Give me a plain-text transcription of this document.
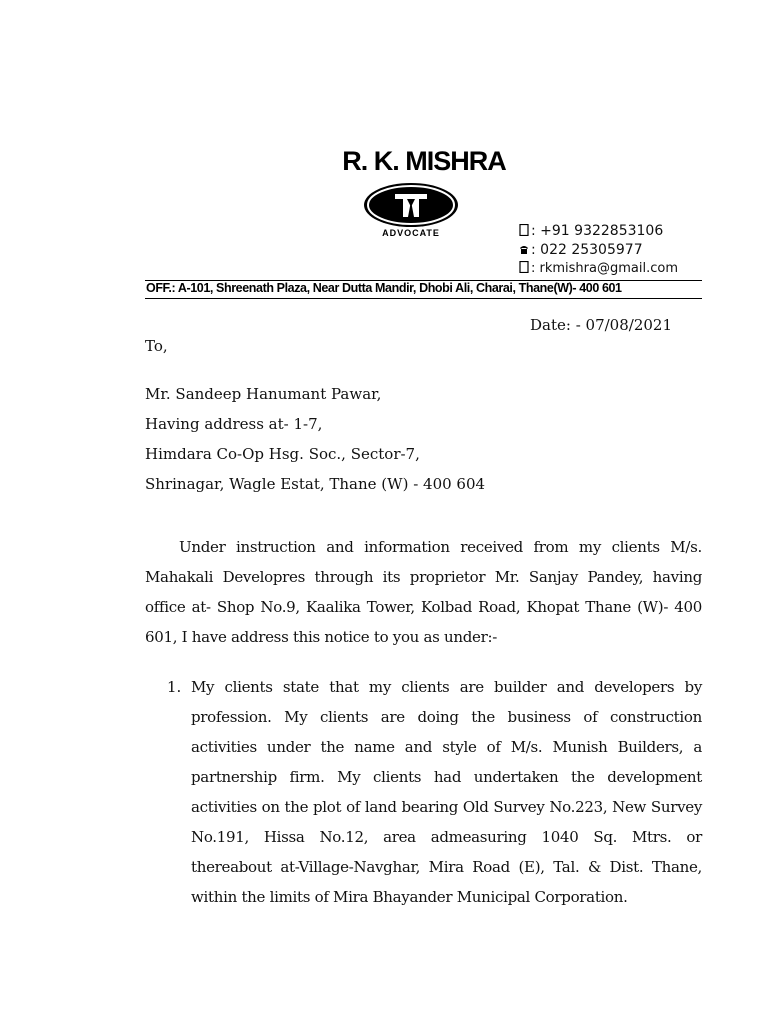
R. K. MISHRA
ADVOCATE	: +91 9322853106
: 022 25305977
: rkmishra@gmail.com
OFF.: A-101, Shreenath Plaza, Near Dutta Mandir, Dhobi Ali, Charai, Thane(W)- 400 601
Date: - 07/08/2021
To,
Mr. Sandeep Hanumant Pawar,
Having address at- 1-7,
Himdara Co-Op Hsg. Soc., Sector-7,
Shrinagar, Wagle Estat, Thane (W) - 400 604

Under instruction and information received from my clients M/s. Mahakali Developres through its proprietor Mr. Sanjay Pandey, having office at- Shop No.9, Kaalika Tower, Kolbad Road, Khopat Thane (W)- 400 601, I have address this notice to you as under:-

1. My clients state that my clients are builder and developers by profession. My clients are doing the business of construction activities under the name and style of M/s. Munish Builders, a partnership firm. My clients had undertaken the development activities on the plot of land bearing Old Survey No.223, New Survey No.191, Hissa No.12, area admeasuring 1040 Sq. Mtrs. or thereabout at-Village-Navghar, Mira Road (E), Tal. & Dist. Thane, within the limits of Mira Bhayander Municipal Corporation.
